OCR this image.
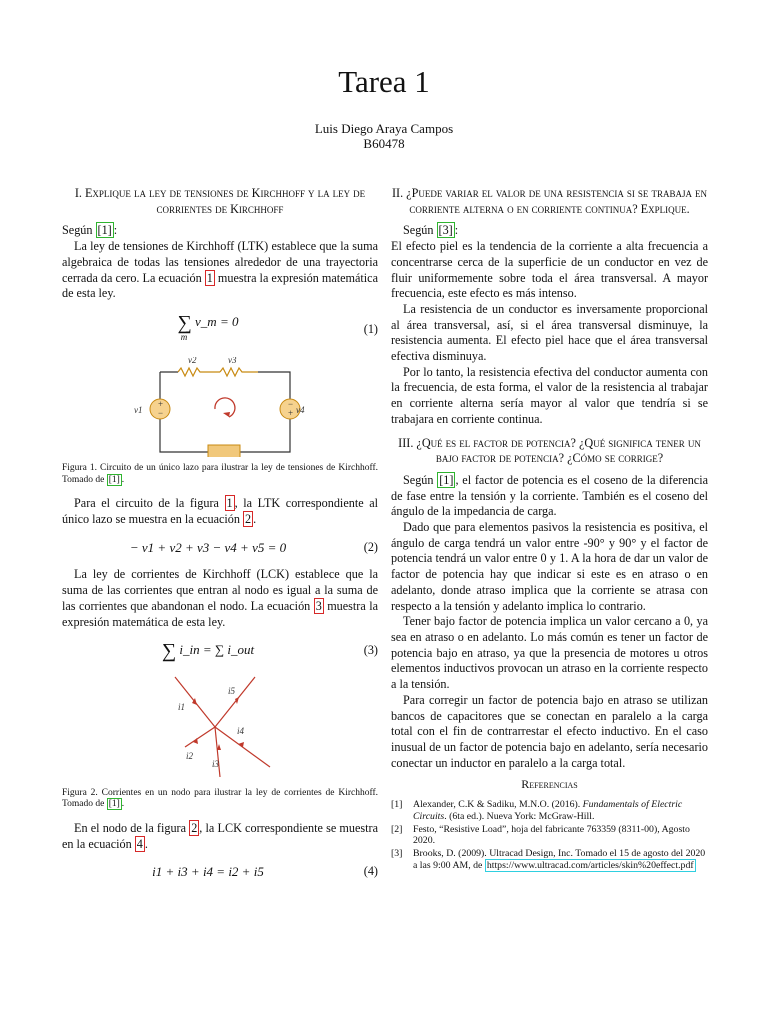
Tarea 1
Luis Diego Araya Campos
B60478
I. Explique la ley de tensiones de Kirchhoff y la ley de corrientes de Kirchhoff

Según [1] :

La ley de tensiones de Kirchhoff (LTK) establece que la suma algebraica de todas las tensiones alrededor de una trayectoria cerrada da cero. La ecuación 1 muestra la expresión matemática de esta ley.

∑ ν_m = 0
m
(1)
+
−
−
+
v1
v2	v3
v4
Figura 1. Circuito de un único lazo para ilustrar la ley de tensiones de Kirchhoff. Tomado de [1] .

Para el circuito de la figura 1 , la LTK correspondiente al único lazo se muestra en la ecuación 2 .

− ν1 + ν2 + ν3 − ν4 + ν5 = 0	(2)

La ley de corrientes de Kirchhoff (LCK) establece que la suma de las corrientes que entran al nodo es igual a la suma de las corrientes que abandonan el nodo. La ecuación 3 muestra la expresión matemática de esta ley.

∑ i_in = ∑ i_out	(3)
i1
i5
i4
i2
i3
Figura 2. Corrientes en un nodo para ilustrar la ley de corrientes de Kirchhoff. Tomado de [1] .

En el nodo de la figura 2 , la LCK correspondiente se muestra en la ecuación 4 .

i1 + i3 + i4 = i2 + i5	(4)
II. ¿Puede variar el valor de una resistencia si se trabaja en corriente alterna o en corriente continua? Explique.

Según [3] :

El efecto piel es la tendencia de la corriente a alta frecuencia a concentrarse cerca de la superficie de un conductor en vez de fluir uniformemente sobre toda el área transversal. A mayor frecuencia, este efecto es más intenso.

La resistencia de un conductor es inversamente proporcional al área transversal, así, si el área transversal disminuye, la resistencia aumenta. El efecto piel hace que el área transversal efectiva disminuya.

Por lo tanto, la resistencia efectiva del conductor aumenta con la frecuencia, de esta forma, el valor de la resistencia al trabajar en corriente alterna sería mayor al valor que tendría si se trabajara en corriente continua.

III. ¿Qué es el factor de potencia? ¿Qué significa tener un bajo factor de potencia? ¿Cómo se corrige?

Según [1] , el factor de potencia es el coseno de la diferencia de fase entre la tensión y la corriente. También es el coseno del ángulo de la impedancia de carga.

Dado que para elementos pasivos la resistencia es positiva, el ángulo de carga tendrá un valor entre -90° y 90° y el factor de potencia tendrá un valor entre 0 y 1. A la hora de dar un valor de factor de potencia hay que indicar si este es en atraso o en adelanto, donde atraso implica que la corriente se atrasa con respecto a la tensión y adelanto implica lo contrario.

Tener bajo factor de potencia implica un valor cercano a 0, ya sea en atraso o en adelanto. Lo más común es tener un factor de potencia bajo en atraso, ya que la presencia de motores u otros elementos inductivos provocan un atraso en la corriente respecto a la tensión.

Para corregir un factor de potencia bajo en atraso se utilizan bancos de capacitores que se conectan en paralelo a la carga total con el fin de contrarrestar el efecto inductivo. En el caso inusual de un factor de potencia bajo en adelanto, sería necesario conectar un inductor en paralelo a la carga total.

Referencias
[1]	Alexander, C.K & Sadiku, M.N.O. (2016). Fundamentals of Electric Circuits. (6ta ed.). Nueva York: McGraw-Hill.
[2]	Festo, “Resistive Load”, hoja del fabricante 763359 (8311-00), Agosto 2020.
[3]	Brooks, D. (2009). Ultracad Design, Inc. Tomado el 15 de agosto del 2020 a las 9:00 AM, de https://www.ultracad.com/articles/skin%20effect.pdf
